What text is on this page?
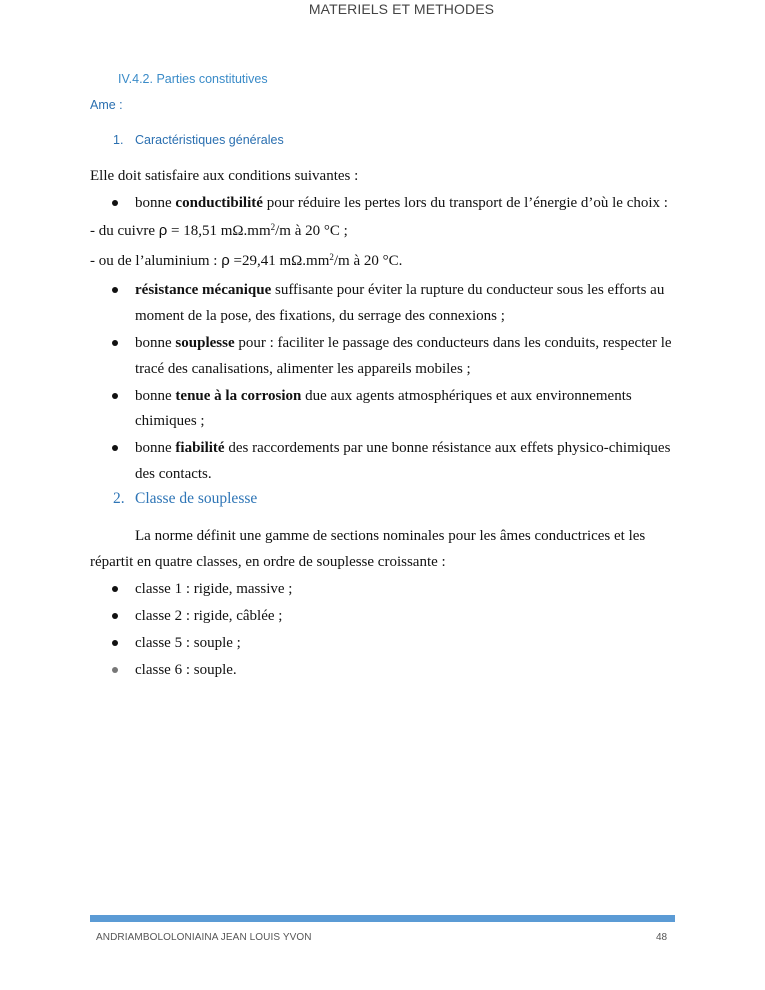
MATERIELS ET METHODES
IV.4.2. Parties constitutives
Ame :
1. Caractéristiques générales
Elle doit satisfaire aux conditions suivantes :
bonne conductibilité pour réduire les pertes lors du transport de l’énergie d’où le choix :
- du cuivre ρ = 18,51 $m\Omega.mm^2/m$ à 20 °C ;
- ou de l’aluminium : ρ =29,41 $m\Omega.mm^2/m$ à 20 °C.
résistance mécanique suffisante pour éviter la rupture du conducteur sous les efforts au
moment de la pose, des fixations, du serrage des connexions ;
bonne souplesse pour : faciliter le passage des conducteurs dans les conduits, respecter le
tracé des canalisations, alimenter les appareils mobiles ;
bonne tenue à la corrosion due aux agents atmosphériques et aux environnements
chimiques ;
bonne fiabilité des raccordements par une bonne résistance aux effets physico-chimiques
des contacts.
2. Classe de souplesse
La norme définit une gamme de sections nominales pour les âmes conductrices et les
répartit en quatre classes, en ordre de souplesse croissante :
classe 1 : rigide, massive ;
classe 2 : rigide, câblée ;
classe 5 : souple ;
classe 6 : souple.
ANDRIAMBOLOLONIAINA JEAN LOUIS YVON	48
